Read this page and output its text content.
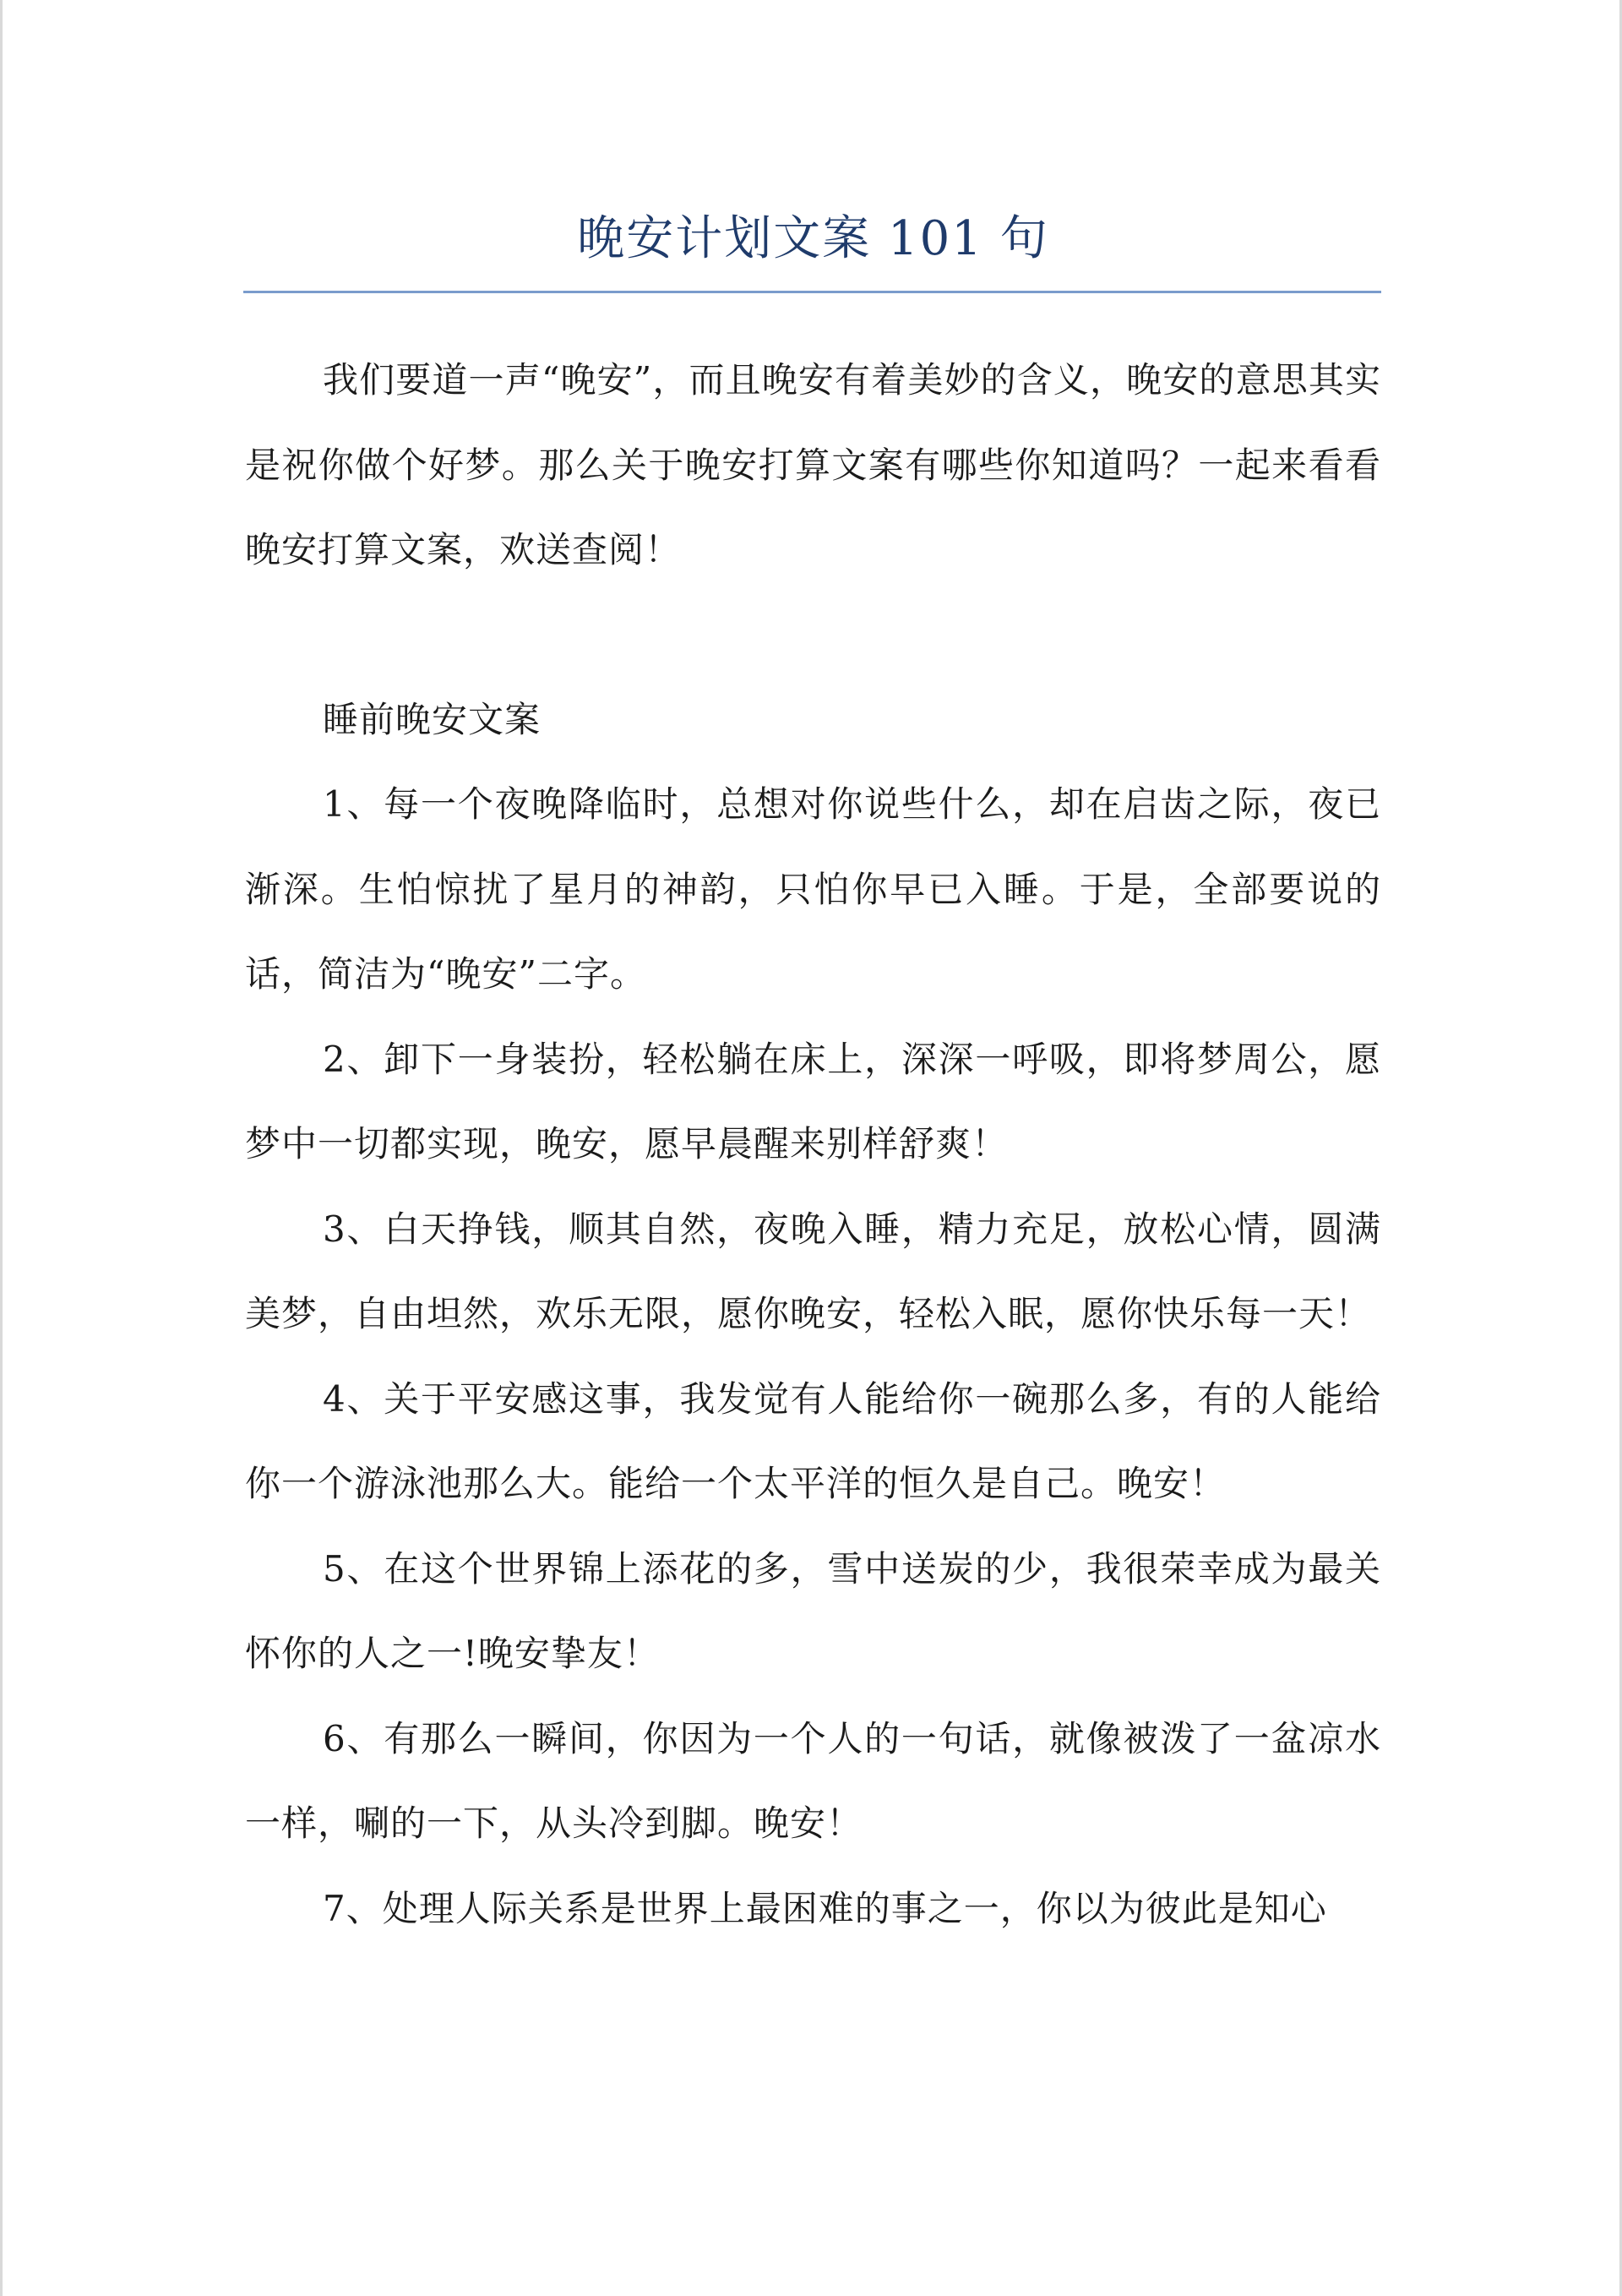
晚安计划文案 101 句

我们要道一声“晚安”，而且晚安有着美妙的含义，晚安的意思其实是祝你做个好梦。那么关于晚安打算文案有哪些你知道吗？一起来看看晚安打算文案，欢送查阅！

睡前晚安文案

1、每一个夜晚降临时，总想对你说些什么，却在启齿之际，夜已渐深。生怕惊扰了星月的神韵，只怕你早已入睡。于是，全部要说的话，简洁为“晚安”二字。

2、卸下一身装扮，轻松躺在床上，深深一呼吸，即将梦周公，愿梦中一切都实现，晚安，愿早晨醒来别样舒爽！

3、白天挣钱，顺其自然，夜晚入睡，精力充足，放松心情，圆满美梦，自由坦然，欢乐无限，愿你晚安，轻松入眠，愿你快乐每一天！

4、关于平安感这事，我发觉有人能给你一碗那么多，有的人能给你一个游泳池那么大。能给一个太平洋的恒久是自己。晚安！

5、在这个世界锦上添花的多，雪中送炭的少，我很荣幸成为最关怀你的人之一!晚安挚友！

6、有那么一瞬间，你因为一个人的一句话，就像被泼了一盆凉水一样，唰的一下，从头冷到脚。晚安！

7、处理人际关系是世界上最困难的事之一，你以为彼此是知心
